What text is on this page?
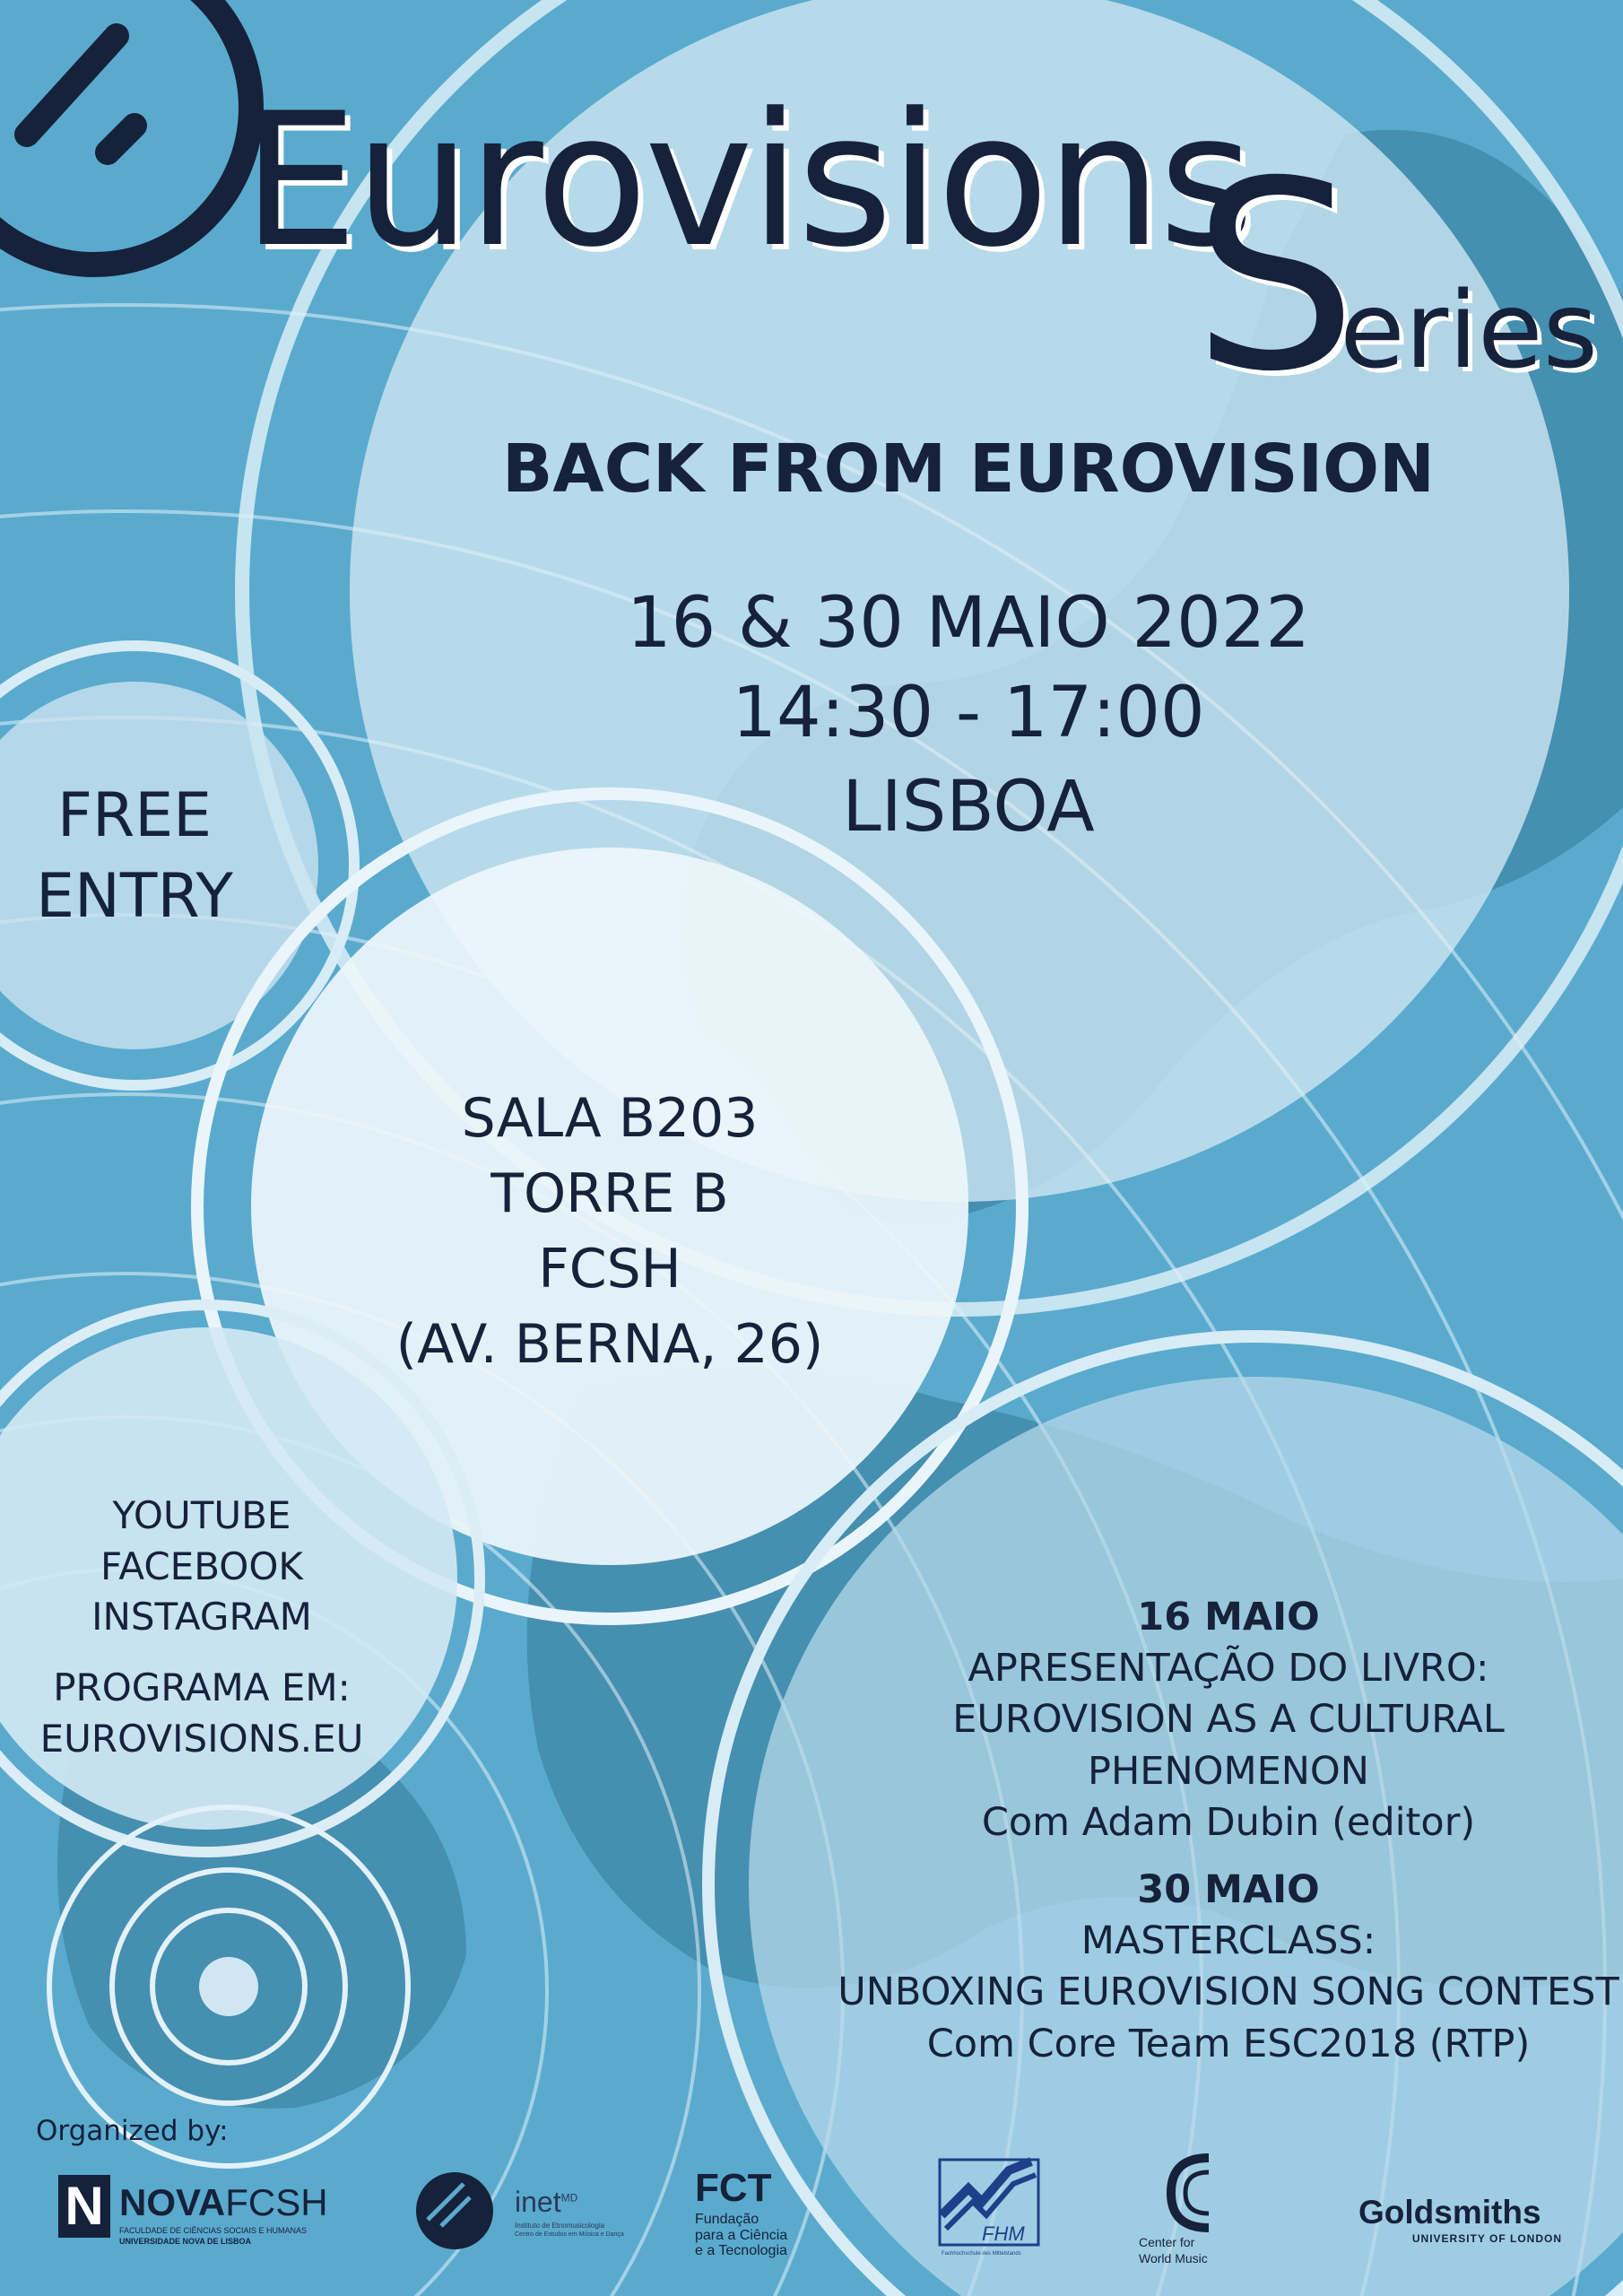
Eurovisions
Series
BACK FROM EUROVISION
16 & 30 MAIO 2022
14:30 - 17:00
LISBOA
FREE
ENTRY
SALA B203
TORRE B
FCSH
(AV. BERNA, 26)
YOUTUBE
FACEBOOK
INSTAGRAM
PROGRAMA EM:
EUROVISIONS.EU
16 MAIO
APRESENTAÇÃO DO LIVRO:
EUROVISION AS A CULTURAL
PHENOMENON
Com Adam Dubin (editor)
30 MAIO
MASTERCLASS:
UNBOXING EUROVISION SONG CONTEST
Com Core Team ESC2018 (RTP)
Organized by:
N NOVAFCSH
FACULDADE DE CIÊNCIAS SOCIAIS E HUMANAS
UNIVERSIDADE NOVA DE LISBOA
inet$^{MD}$
Instituto de Etnomusicologia
Centro de Estudos em Música e Dança
FCT
Fundação
para a Ciência
e a Tecnologia
FHM
Fachhochschule des Mittelstands
Center for
World Music
Goldsmiths
UNIVERSITY OF LONDON
